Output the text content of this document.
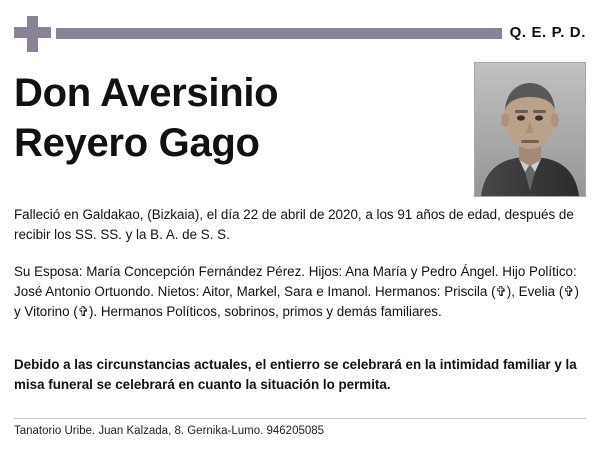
Q. E. P. D.
Don Aversinio
Reyero Gago
Falleció en Galdakao, (Bizkaia), el día 22 de abril de 2020, a los 91 años de edad, después de recibir los SS. SS. y la B. A. de S. S.
Su Esposa: María Concepción Fernández Pérez. Hijos: Ana María y Pedro Ángel. Hijo Político: José Antonio Ortuondo. Nietos: Aitor, Markel, Sara e Imanol. Hermanos: Priscila (✞), Evelia (✞) y Vitorino (✞). Hermanos Políticos, sobrinos, primos y demás familiares.
Debido a las circunstancias actuales, el entierro se celebrará en la intimidad familiar y la misa funeral se celebrará en cuanto la situación lo permita.
Tanatorio Uribe. Juan Kalzada, 8. Gernika-Lumo. 946205085
